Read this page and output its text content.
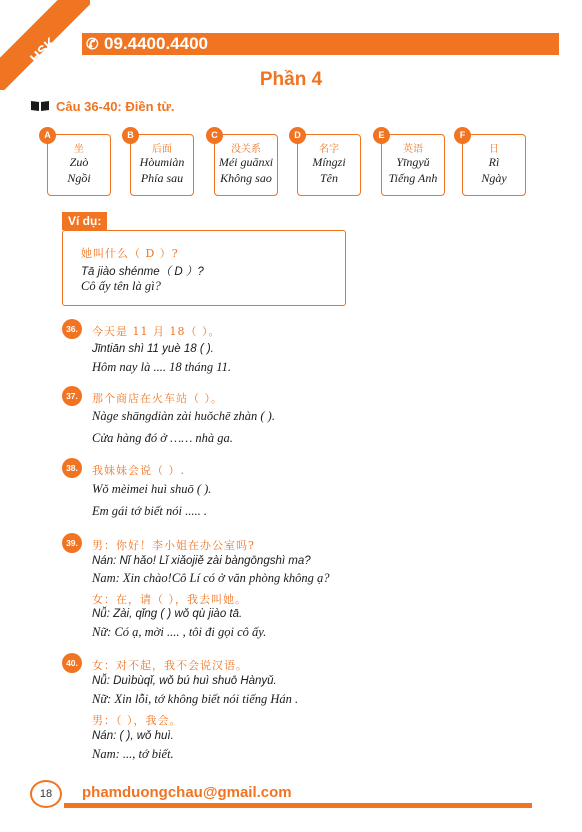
HSK ✆ 09.4400.4400
Phần 4
Câu 36-40: Điền từ.
坐
Zuò
Ngồi
A
后面
Hòumiàn
Phía sau
B
没关系
Méi guānxi
Không sao
C
名字
Míngzi
Tên
D
英语
Yīngyǔ
Tiếng Anh
E
日
Rì
Ngày
F
Ví dụ:
她叫什么（ D ）?
Tā jiào shénme（ D ）?
Cô ấy tên là gì?
36.	今天是 11 月 18（ ）。
Jīntiān shì 11 yuè 18 ( ).
Hôm nay là .... 18 tháng 11.
37.	那个商店在火车站（ ）。
Nàge shāngdiàn zài huǒchē zhàn ( ).
Cửa hàng đó ở …… nhà ga.
38.	我妹妹会说（ ）.
Wǒ mèimei huì shuō ( ).
Em gái tớ biết nói ..... .
39.	男：你好！李小姐在办公室吗?
Nán: Nǐ hǎo! Lǐ xiǎojiě zài bàngōngshì ma?
Nam: Xin chào!Cô Lí có ở văn phòng không ạ?
女：在，请（ ），我去叫她。
Nǚ: Zài, qǐng ( ) wǒ qù jiào tā.
Nữ: Có ạ, mời .... , tôi đi gọi cô ấy.
40.	女：对不起，我不会说汉语。
Nǚ: Duìbùqǐ, wǒ bú huì shuō Hànyǔ.
Nữ: Xin lỗi, tớ không biết nói tiếng Hán .
男：（ ），我会。
Nán: ( ), wǒ huì.
Nam: ..., tớ biết.
18	phamduongchau@gmail.com
